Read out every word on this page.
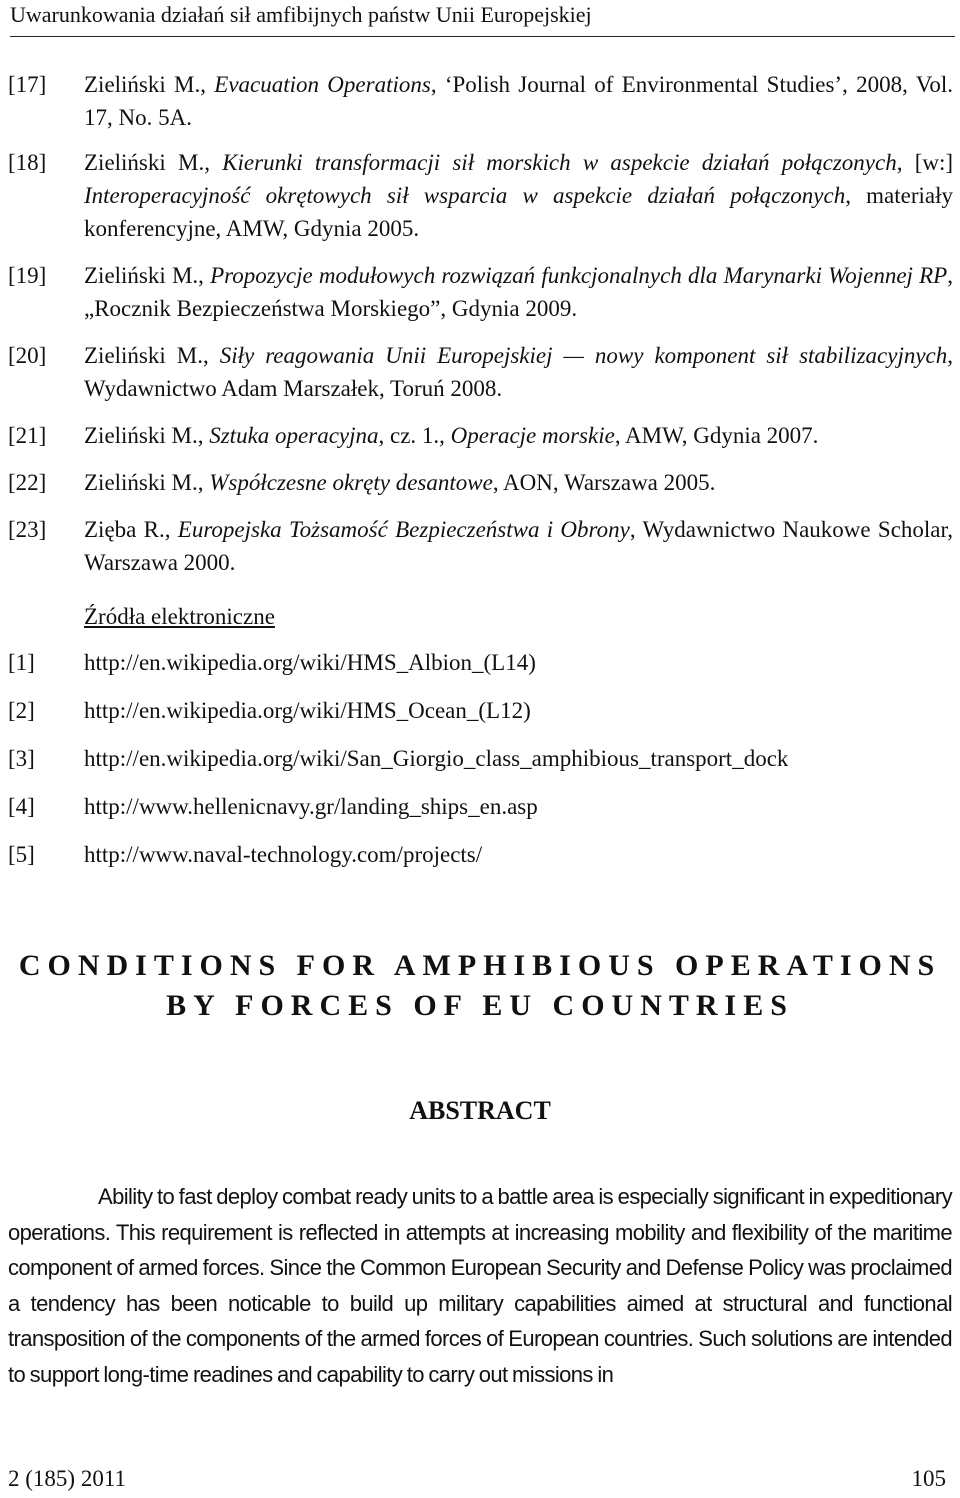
Uwarunkowania działań sił amfibijnych państw Unii Europejskiej
[17] Zieliński M., Evacuation Operations, ‘Polish Journal of Environmental Studies’, 2008, Vol. 17, No. 5A.
[18] Zieliński M., Kierunki transformacji sił morskich w aspekcie działań połączonych, [w:] Interoperacyjność okrętowych sił wsparcia w aspekcie działań połączonych, materiały konferencyjne, AMW, Gdynia 2005.
[19] Zieliński M., Propozycje modułowych rozwiązań funkcjonalnych dla Marynarki Wojennej RP, „Rocznik Bezpieczeństwa Morskiego”, Gdynia 2009.
[20] Zieliński M., Siły reagowania Unii Europejskiej — nowy komponent sił stabilizacyjnych, Wydawnictwo Adam Marszałek, Toruń 2008.
[21] Zieliński M., Sztuka operacyjna, cz. 1., Operacje morskie, AMW, Gdynia 2007.
[22] Zieliński M., Współczesne okręty desantowe, AON, Warszawa 2005.
[23] Zięba R., Europejska Tożsamość Bezpieczeństwa i Obrony, Wydawnictwo Naukowe Scholar, Warszawa 2000.
Źródła elektroniczne
[1] http://en.wikipedia.org/wiki/HMS_Albion_(L14)
[2] http://en.wikipedia.org/wiki/HMS_Ocean_(L12)
[3] http://en.wikipedia.org/wiki/San_Giorgio_class_amphibious_transport_dock
[4] http://www.hellenicnavy.gr/landing_ships_en.asp
[5] http://www.naval-technology.com/projects/
CONDITIONS FOR AMPHIBIOUS OPERATIONS
BY FORCES OF EU COUNTRIES
ABSTRACT
Ability to fast deploy combat ready units to a battle area is especially significant in expeditionary operations. This requirement is reflected in attempts at increasing mobility and flexibility of the maritime component of armed forces. Since the Common European Security and Defense Policy was proclaimed a tendency has been noticable to build up military capabilities aimed at structural and functional transposition of the components of the armed forces of European countries. Such solutions are intended to support long-time readines and capability to carry out missions in
2 (185) 2011	105
